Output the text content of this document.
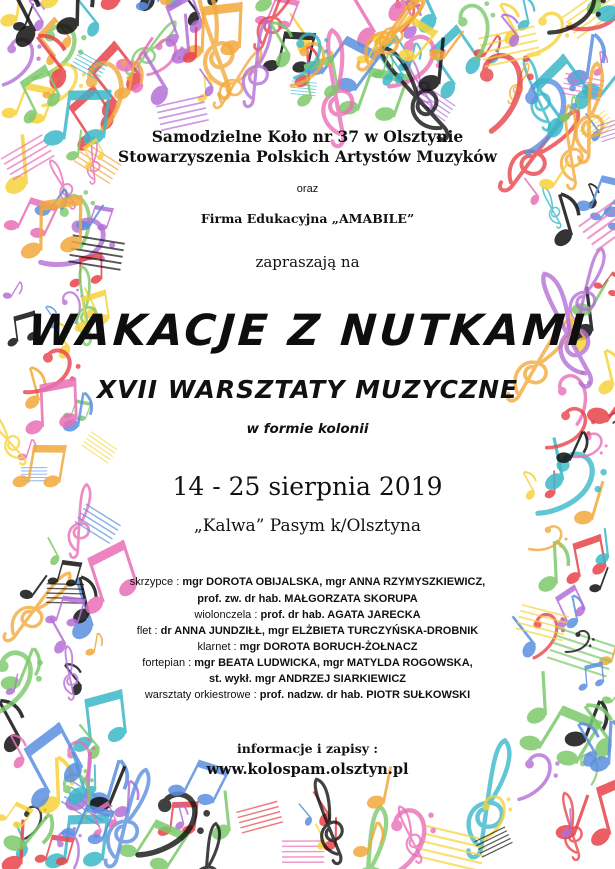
Samodzielne Koło nr 37 w Olsztynie
Stowarzyszenia Polskich Artystów Muzyków
oraz
Firma Edukacyjna „AMABILE”
zapraszają na
WAKACJE Z NUTKAMI
XVII WARSZTATY MUZYCZNE
w formie kolonii
14 - 25 sierpnia 2019
„Kalwa” Pasym k/Olsztyna
skrzypce : mgr DOROTA OBIJALSKA, mgr ANNA RZYMYSZKIEWICZ,
prof. zw. dr hab. MAŁGORZATA SKORUPA
wiolonczela : prof. dr hab. AGATA JARECKA
flet : dr ANNA JUNDZIŁŁ, mgr ELŻBIETA TURCZYŃSKA-DROBNIK
klarnet : mgr DOROTA BORUCH-ŻOŁNACZ
fortepian : mgr BEATA LUDWICKA, mgr MATYLDA ROGOWSKA,
st. wykł. mgr ANDRZEJ SIARKIEWICZ
warsztaty orkiestrowe : prof. nadzw. dr hab. PIOTR SUŁKOWSKI
informacje i zapisy :
www.kolospam.olsztyn.pl
